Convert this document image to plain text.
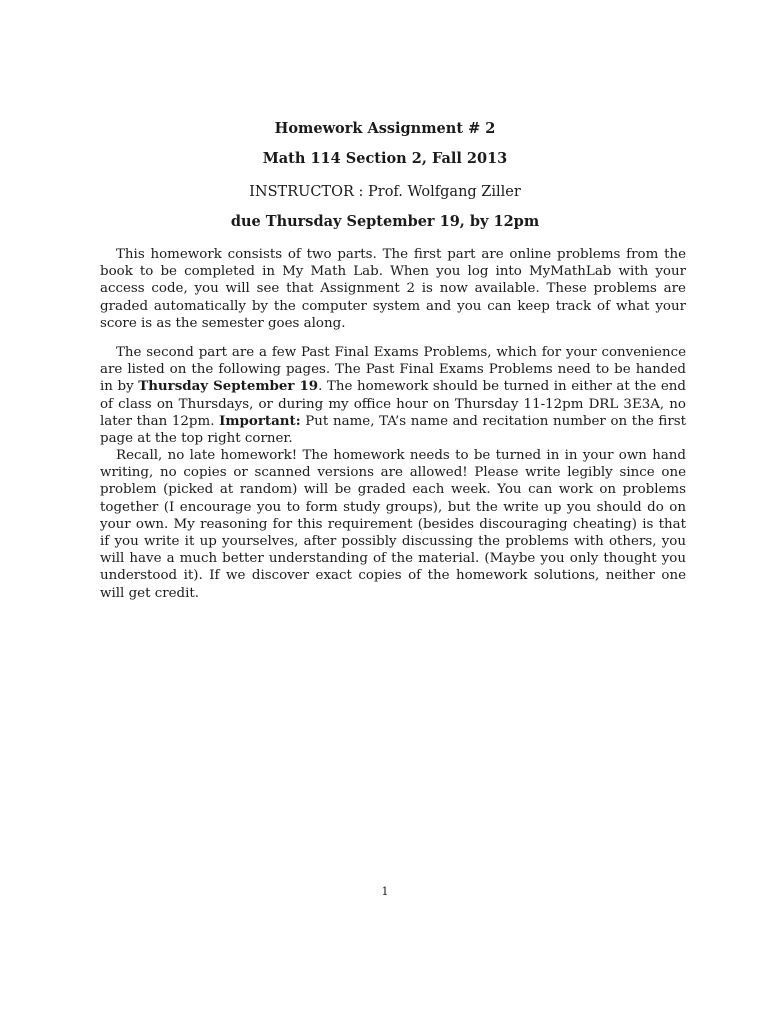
Homework Assignment # 2
Math 114 Section 2, Fall 2013
INSTRUCTOR : Prof. Wolfgang Ziller
due Thursday September 19, by 12pm

This homework consists of two parts. The first part are online problems from the book to be completed in My Math Lab. When you log into MyMathLab with your access code, you will see that Assignment 2 is now available. These problems are graded automatically by the computer system and you can keep track of what your score is as the semester goes along.

The second part are a few Past Final Exams Problems, which for your convenience are listed on the following pages. The Past Final Exams Problems need to be handed in by Thursday September 19. The homework should be turned in either at the end of class on Thursdays, or during my office hour on Thursday 11-12pm DRL 3E3A, no later than 12pm. Important: Put name, TA’s name and recitation number on the first page at the top right corner.

Recall, no late homework! The homework needs to be turned in in your own hand writing, no copies or scanned versions are allowed! Please write legibly since one problem (picked at random) will be graded each week. You can work on problems together (I encourage you to form study groups), but the write up you should do on your own. My reasoning for this requirement (besides discouraging cheating) is that if you write it up yourselves, after possibly discussing the problems with others, you will have a much better understanding of the material. (Maybe you only thought you understood it). If we discover exact copies of the homework solutions, neither one will get credit.

1
